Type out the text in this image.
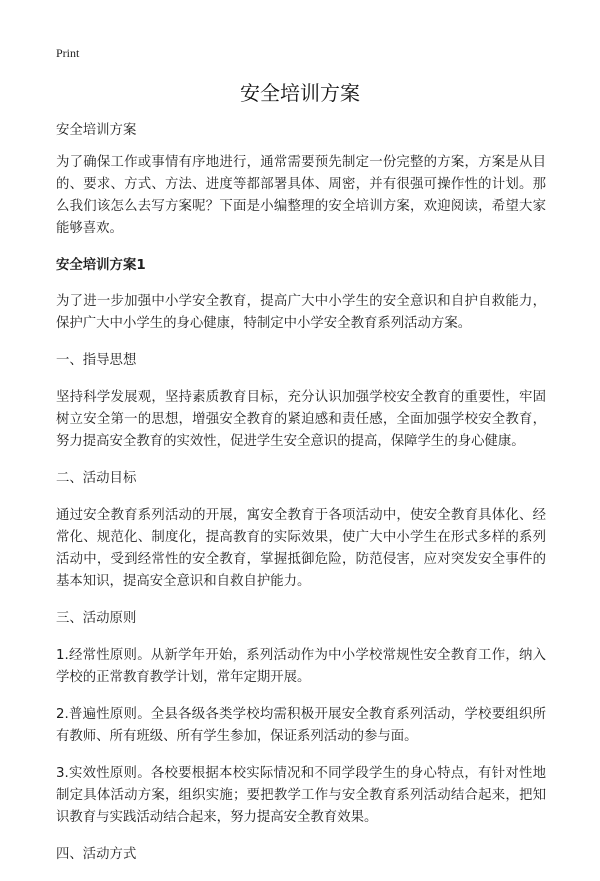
Print
安全培训方案

安全培训方案

为了确保工作或事情有序地进行，通常需要预先制定一份完整的方案，方案是从目的、要求、方式、方法、进度等都部署具体、周密，并有很强可操作性的计划。那么我们该怎么去写方案呢？下面是小编整理的安全培训方案，欢迎阅读，希望大家能够喜欢。

安全培训方案1

为了进一步加强中小学安全教育，提高广大中小学生的安全意识和自护自救能力，保护广大中小学生的身心健康，特制定中小学安全教育系列活动方案。

一、指导思想

坚持科学发展观，坚持素质教育目标，充分认识加强学校安全教育的重要性，牢固树立安全第一的思想，增强安全教育的紧迫感和责任感，全面加强学校安全教育，努力提高安全教育的实效性，促进学生安全意识的提高，保障学生的身心健康。

二、活动目标

通过安全教育系列活动的开展，寓安全教育于各项活动中，使安全教育具体化、经常化、规范化、制度化，提高教育的实际效果，使广大中小学生在形式多样的系列活动中，受到经常性的安全教育，掌握抵御危险，防范侵害，应对突发安全事件的基本知识，提高安全意识和自救自护能力。

三、活动原则

1.经常性原则。从新学年开始，系列活动作为中小学校常规性安全教育工作，纳入学校的正常教育教学计划，常年定期开展。

2.普遍性原则。全县各级各类学校均需积极开展安全教育系列活动，学校要组织所有教师、所有班级、所有学生参加，保证系列活动的参与面。

3.实效性原则。各校要根据本校实际情况和不同学段学生的身心特点，有针对性地制定具体活动方案，组织实施；要把教学工作与安全教育系列活动结合起来，把知识教育与实践活动结合起来，努力提高安全教育效果。

四、活动方式
